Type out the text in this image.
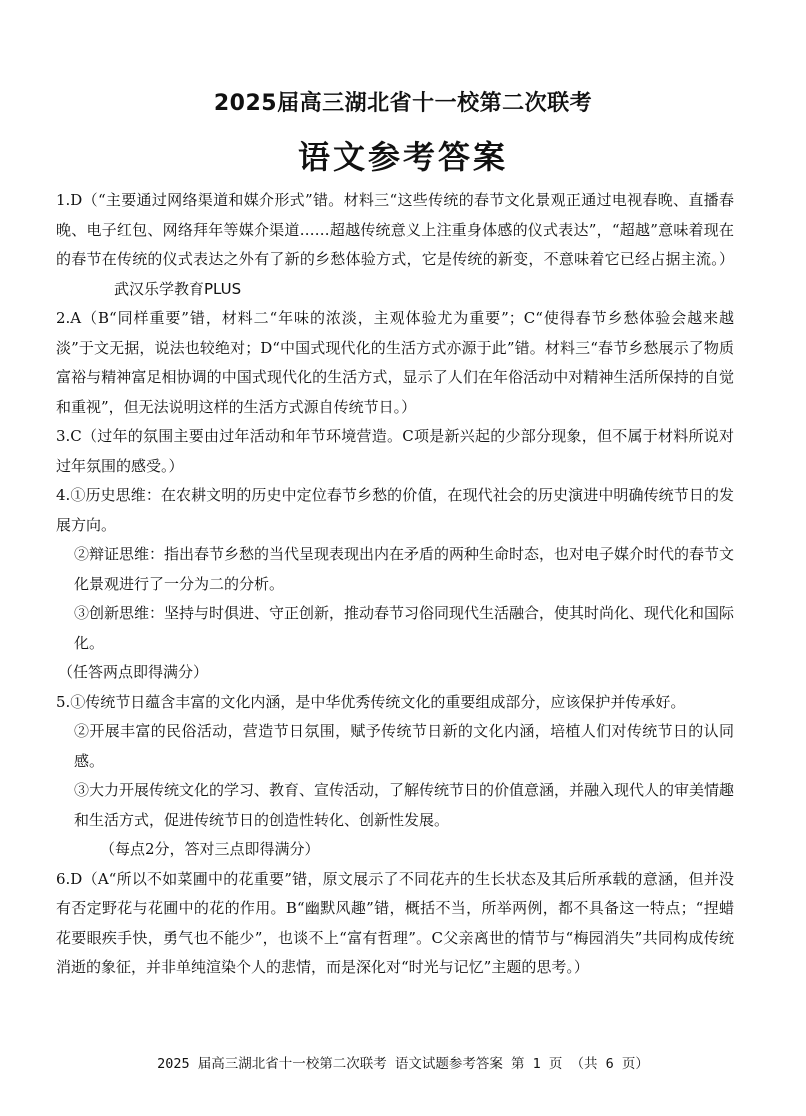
2025届高三湖北省十一校第二次联考
语文参考答案

1.D（“主要通过网络渠道和媒介形式”错。材料三“这些传统的春节文化景观正通过电视春晚、直播春晚、电子红包、网络拜年等媒介渠道……超越传统意义上注重身体感的仪式表达”，“超越”意味着现在的春节在传统的仪式表达之外有了新的乡愁体验方式，它是传统的新变，不意味着它已经占据主流。）武汉乐学教育PLUS

2.A（B“同样重要”错，材料二“年味的浓淡，主观体验尤为重要”；C“使得春节乡愁体验会越来越淡”于文无据，说法也较绝对；D“中国式现代化的生活方式亦源于此”错。材料三“春节乡愁展示了物质富裕与精神富足相协调的中国式现代化的生活方式，显示了人们在年俗活动中对精神生活所保持的自觉和重视”，但无法说明这样的生活方式源自传统节日。）

3.C（过年的氛围主要由过年活动和年节环境营造。C项是新兴起的少部分现象，但不属于材料所说对过年氛围的感受。）

4.①历史思维：在农耕文明的历史中定位春节乡愁的价值，在现代社会的历史演进中明确传统节日的发展方向。

②辩证思维：指出春节乡愁的当代呈现表现出内在矛盾的两种生命时态，也对电子媒介时代的春节文化景观进行了一分为二的分析。

③创新思维：坚持与时俱进、守正创新，推动春节习俗同现代生活融合，使其时尚化、现代化和国际化。

（任答两点即得满分）

5.①传统节日蕴含丰富的文化内涵，是中华优秀传统文化的重要组成部分，应该保护并传承好。

②开展丰富的民俗活动，营造节日氛围，赋予传统节日新的文化内涵，培植人们对传统节日的认同感。

③大力开展传统文化的学习、教育、宣传活动，了解传统节日的价值意涵，并融入现代人的审美情趣和生活方式，促进传统节日的创造性转化、创新性发展。

（每点2分，答对三点即得满分）

6.D（A“所以不如菜圃中的花重要”错，原文展示了不同花卉的生长状态及其后所承载的意涵，但并没有否定野花与花圃中的花的作用。B“幽默风趣”错，概括不当，所举两例，都不具备这一特点；“捏蜡花要眼疾手快，勇气也不能少”，也谈不上“富有哲理”。C父亲离世的情节与“梅园消失”共同构成传统消逝的象征，并非单纯渲染个人的悲情，而是深化对“时光与记忆”主题的思考。）

2025 届高三湖北省十一校第二次联考 语文试题参考答案 第 1 页 （共 6 页）
